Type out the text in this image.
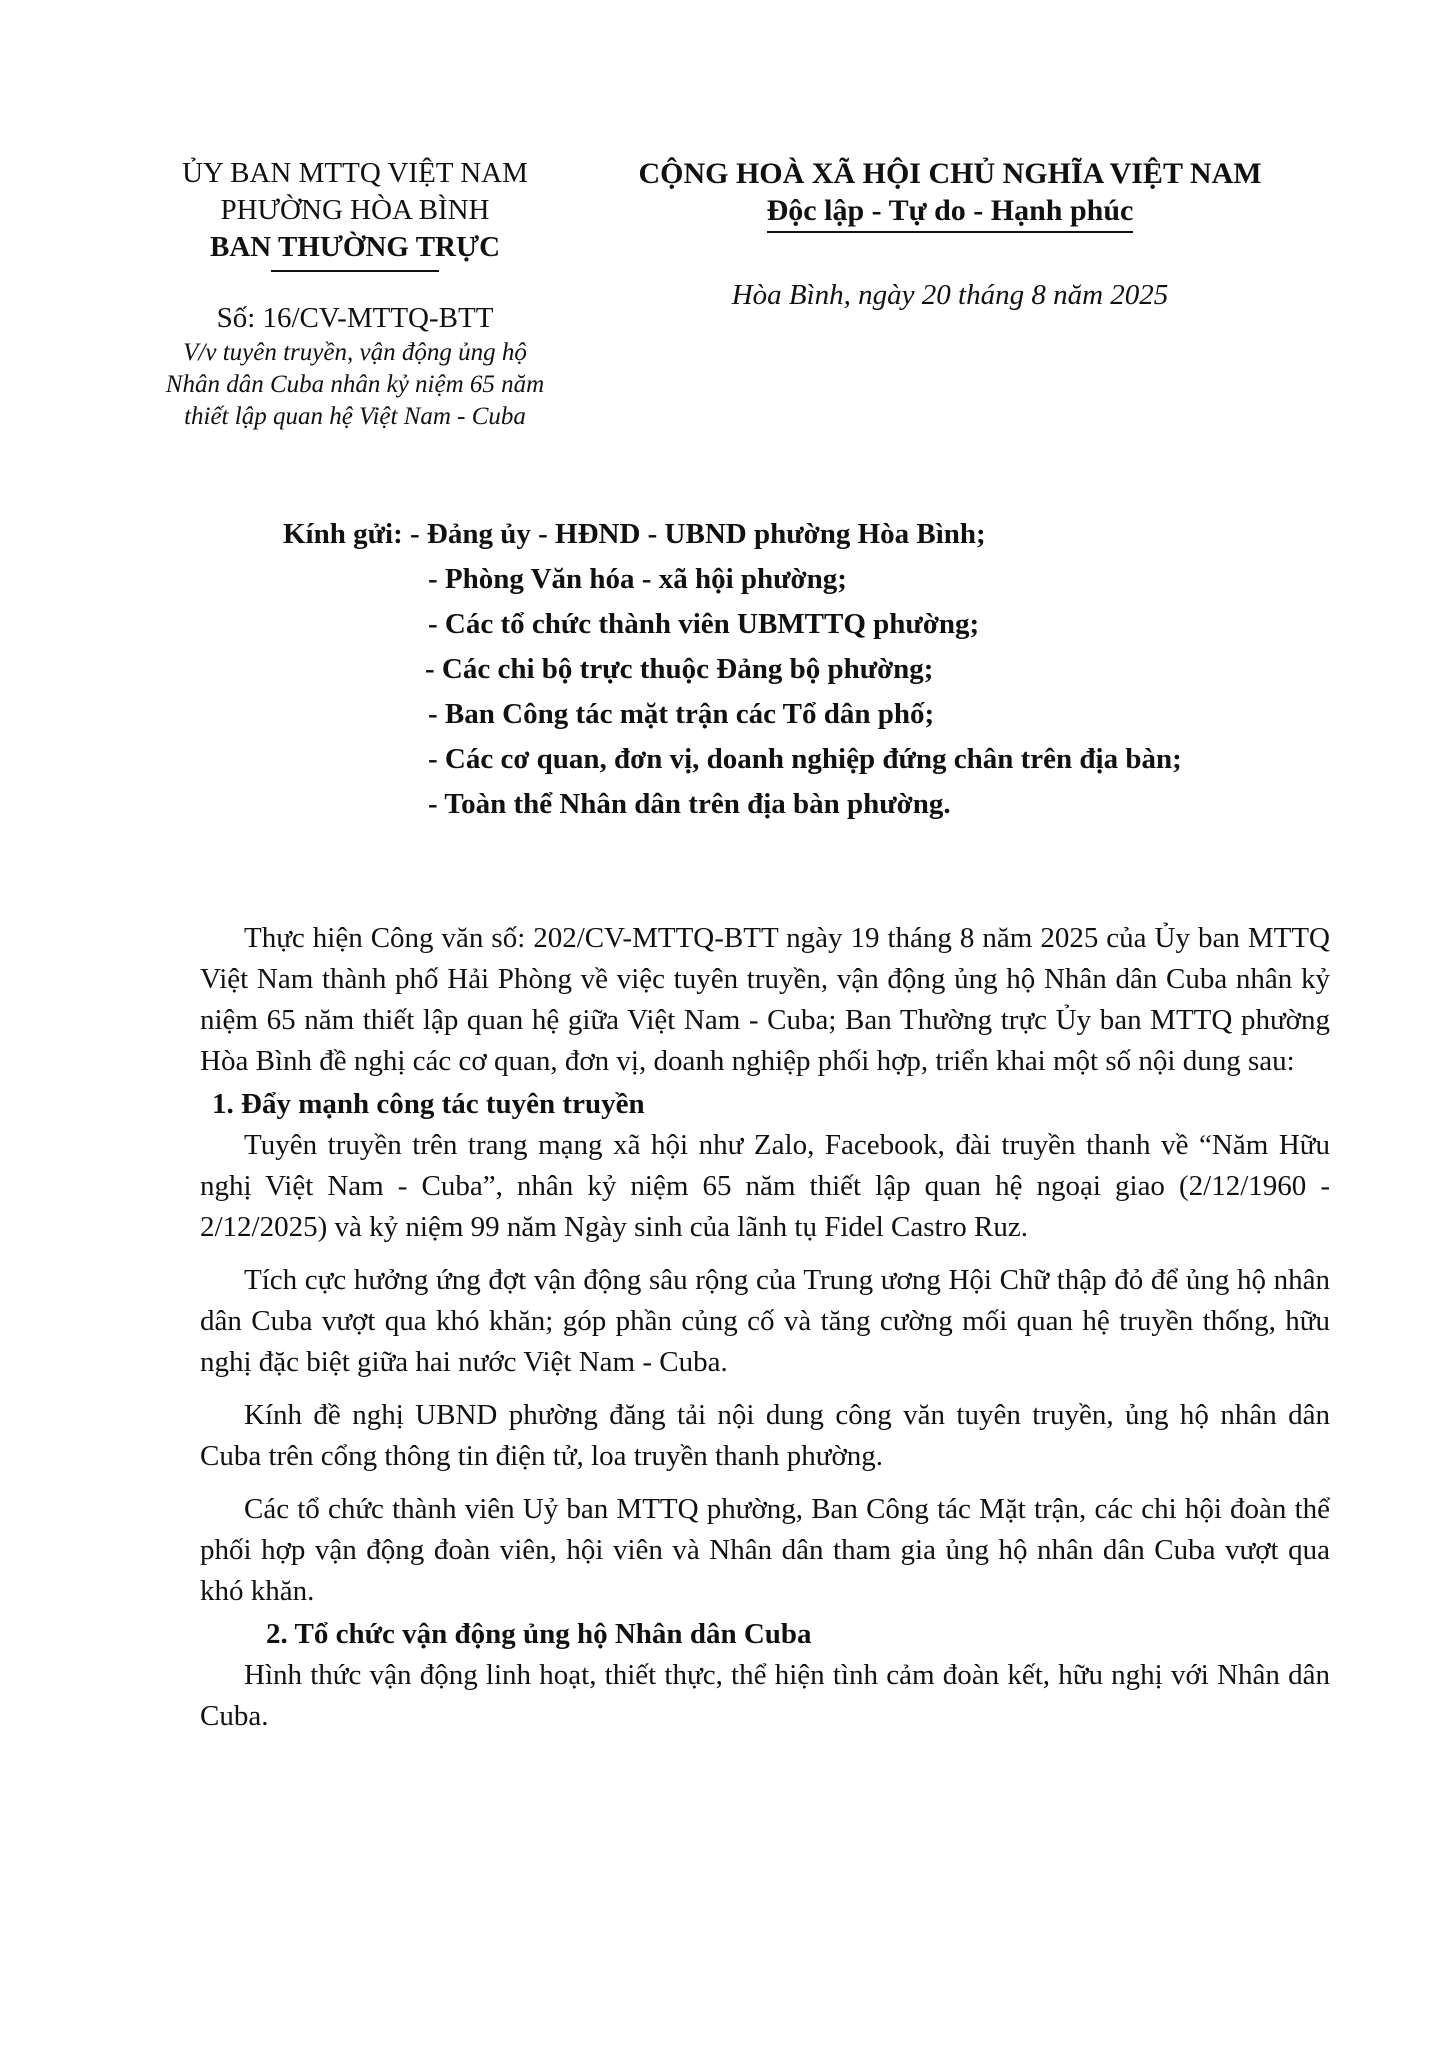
ỦY BAN MTTQ VIỆT NAM
PHƯỜNG HÒA BÌNH
BAN THƯỜNG TRỰC
Số: 16/CV-MTTQ-BTT
V/v tuyên truyền, vận động ủng hộ
Nhân dân Cuba nhân kỷ niệm 65 năm
thiết lập quan hệ Việt Nam - Cuba
CỘNG HOÀ XÃ HỘI CHỦ NGHĨA VIỆT NAM
Độc lập - Tự do - Hạnh phúc
Hòa Bình, ngày 20 tháng 8 năm 2025
Kính gửi: - Đảng ủy - HĐND - UBND phường Hòa Bình;
- Phòng Văn hóa - xã hội phường;
- Các tổ chức thành viên UBMTTQ phường;
- Các chi bộ trực thuộc Đảng bộ phường;
- Ban Công tác mặt trận các Tổ dân phố;
- Các cơ quan, đơn vị, doanh nghiệp đứng chân trên địa bàn;
- Toàn thể Nhân dân trên địa bàn phường.

Thực hiện Công văn số: 202/CV-MTTQ-BTT ngày 19 tháng 8 năm 2025 của Ủy ban MTTQ Việt Nam thành phố Hải Phòng về việc tuyên truyền, vận động ủng hộ Nhân dân Cuba nhân kỷ niệm 65 năm thiết lập quan hệ giữa Việt Nam - Cuba; Ban Thường trực Ủy ban MTTQ phường Hòa Bình đề nghị các cơ quan, đơn vị, doanh nghiệp phối hợp, triển khai một số nội dung sau:

1. Đẩy mạnh công tác tuyên truyền

Tuyên truyền trên trang mạng xã hội như Zalo, Facebook, đài truyền thanh về “Năm Hữu nghị Việt Nam - Cuba”, nhân kỷ niệm 65 năm thiết lập quan hệ ngoại giao (2/12/1960 - 2/12/2025) và kỷ niệm 99 năm Ngày sinh của lãnh tụ Fidel Castro Ruz.

Tích cực hưởng ứng đợt vận động sâu rộng của Trung ương Hội Chữ thập đỏ để ủng hộ nhân dân Cuba vượt qua khó khăn; góp phần củng cố và tăng cường mối quan hệ truyền thống, hữu nghị đặc biệt giữa hai nước Việt Nam - Cuba.

Kính đề nghị UBND phường đăng tải nội dung công văn tuyên truyền, ủng hộ nhân dân Cuba trên cổng thông tin điện tử, loa truyền thanh phường.

Các tổ chức thành viên Uỷ ban MTTQ phường, Ban Công tác Mặt trận, các chi hội đoàn thể phối hợp vận động đoàn viên, hội viên và Nhân dân tham gia ủng hộ nhân dân Cuba vượt qua khó khăn.

2. Tổ chức vận động ủng hộ Nhân dân Cuba

Hình thức vận động linh hoạt, thiết thực, thể hiện tình cảm đoàn kết, hữu nghị với Nhân dân Cuba.
